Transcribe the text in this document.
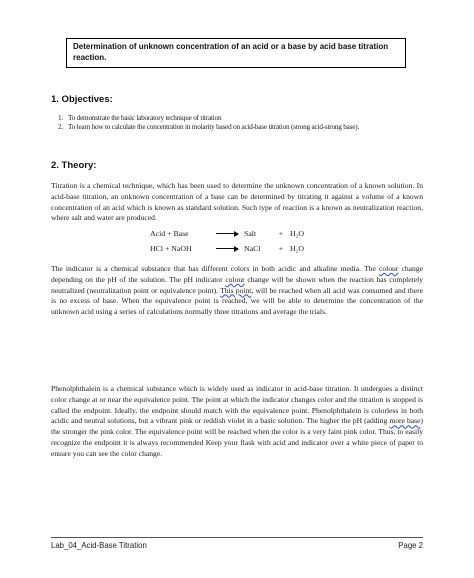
Determination of unknown concentration of an acid or a base by acid base titration reaction.
1. Objectives:
1. To demonstrate the basic laboratory technique of titration
2. To learn how to calculate the concentration in molarity based on acid-base titration (strong acid-strong base).
2. Theory:
Titration is a chemical technique, which has been used to determine the unknown concentration of a known solution. In acid-base titration, an unknown concentration of a base can be determined by titrating it against a volume of a known concentration of an acid which is known as standard solution. Such type of reaction is a known as neutralization reaction, where salt and water are produced.
Acid + Base	→ Salt	+ H₂O
HCl + NaOH	→ NaCl	+ H₂O
The indicator is a chemical substance that has different colors in both acidic and alkaline media. The colour change depending on the pH of the solution. The pH indicator colour change will be shown when the reaction has completely neutralized (neutralization point or equivalence point). This point, will be reached when all acid was consumed and there is no excess of base. When the equivalence point is reached, we will be able to determine the concentration of the unknown acid using a series of calculations normally three titrations and average the trials.
Phenolphthalein is a chemical substance which is widely used as indicator in acid-base titration. It undergoes a distinct color change at or near the equivalence point. The point at which the indicator changes color and the titration is stopped is called the endpoint. Ideally, the endpoint should match with the equivalence point. Phenolphthalein is colorless in both acidic and neutral solutions, but a vibrant pink or reddish violet in a basic solution. The higher the pH (adding more base) the stronger the pink color. The equivalence point will be reached when the color is a very faint pink color. Thus, to easily recognize the endpoint it is always recommended Keep your flask with acid and indicator over a white piece of paper to ensure you can see the color change.
Lab_04_Acid-Base Titration	Page 2
